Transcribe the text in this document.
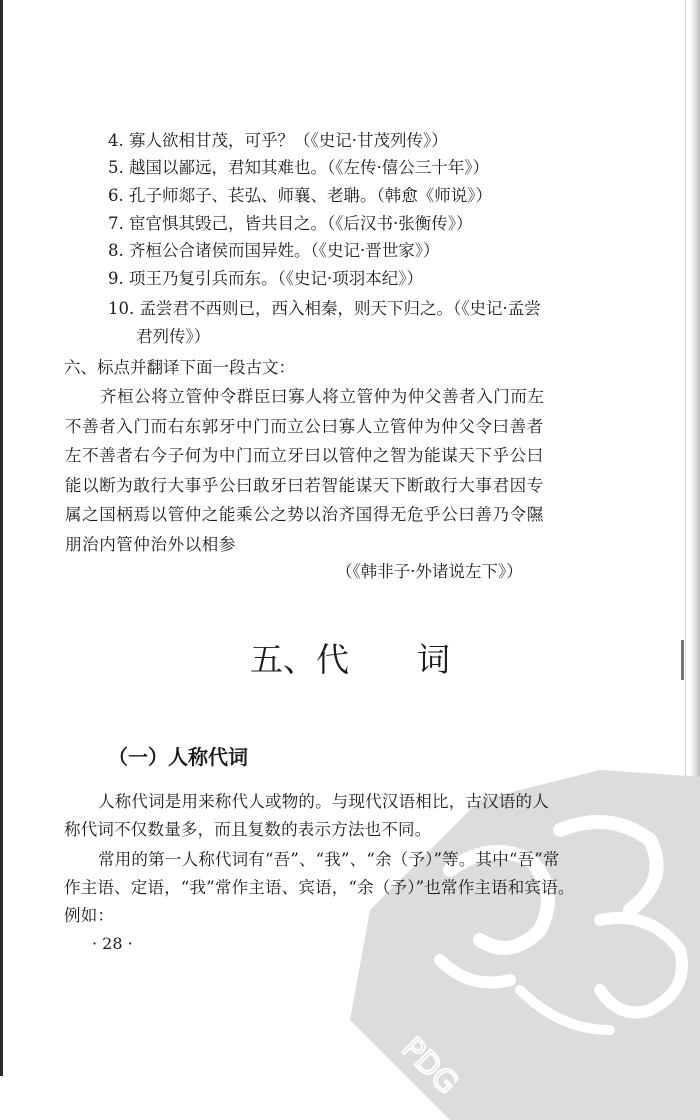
PDG
4. 寡人欲相甘茂，可乎？（《史记·甘茂列传》）
5. 越国以鄙远，君知其难也。（《左传·僖公三十年》）
6. 孔子师郯子、苌弘、师襄、老聃。（韩愈《师说》）
7. 宦官惧其毁己，皆共目之。（《后汉书·张衡传》）
8. 齐桓公合诸侯而国异姓。（《史记·晋世家》）
9. 项王乃复引兵而东。（《史记·项羽本纪》）
10. 孟尝君不西则已，西入相秦，则天下归之。（《史记·孟尝
君列传》）
六、标点并翻译下面一段古文：
齐桓公将立管仲令群臣曰寡人将立管仲为仲父善者入门而左
不善者入门而右东郭牙中门而立公曰寡人立管仲为仲父令曰善者
左不善者右今子何为中门而立牙曰以管仲之智为能谋天下乎公曰
能以断为敢行大事乎公曰敢牙曰若智能谋天下断敢行大事君因专
属之国柄焉以管仲之能乘公之势以治齐国得无危乎公曰善乃令隰
朋治内管仲治外以相参
（《韩非子·外诸说左下》）
五、代 词
（一）人称代词
人称代词是用来称代人或物的。与现代汉语相比，古汉语的人
称代词不仅数量多，而且复数的表示方法也不同。
常用的第一人称代词有“吾”、“我”、“余（予）”等。其中“吾”常
作主语、定语，“我”常作主语、宾语，“余（予）”也常作主语和宾语。
例如：
· 28 ·
